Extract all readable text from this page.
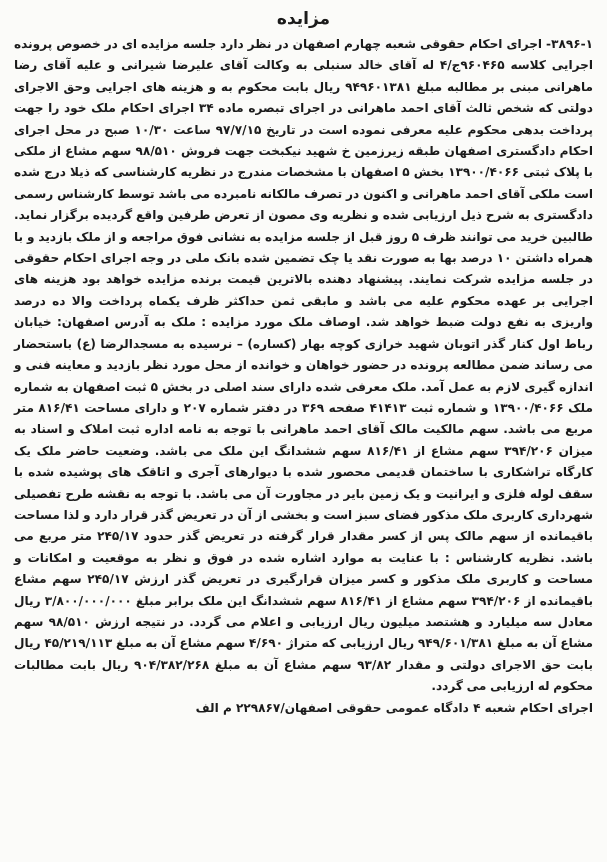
مزایده

۳۸۹۶-۱- اجرای احکام حقوقی شعبه چهارم اصفهان در نظر دارد جلسه مزایده ای در خصوص پرونده اجرایی کلاسه ۹۶۰۴۶۵ج/۴ له آقای خالد سنبلی به وکالت آقای علیرضا شیرانی و علیه آقای رضا ماهرانی مبنی بر مطالبه مبلغ ۹۴۹۶۰۱۳۸۱ ریال بابت محکوم به و هزینه های اجرایی وحق الاجرای دولتی که شخص ثالث آقای احمد ماهرانی در اجرای تبصره ماده ۳۴ اجرای احکام ملک خود را جهت پرداخت بدهی محکوم علیه معرفی نموده است در تاریخ ۹۷/۷/۱۵ ساعت ۱۰/۳۰ صبح در محل اجرای احکام دادگستری اصفهان طبقه زیرزمین خ شهید نیکبخت جهت فروش ۹۸/۵۱۰ سهم مشاع از ملکی با پلاک ثبتی ۱۳۹۰۰/۴۰۶۶ بخش ۵ اصفهان با مشخصات مندرج در نظریه کارشناسی که ذیلا درج شده است ملکی آقای احمد ماهرانی و اکنون در تصرف مالکانه نامبرده می باشد توسط کارشناس رسمی دادگستری به شرح ذیل ارزیابی شده و نظریه وی مصون از تعرض طرفین واقع گردیده برگزار نماید. طالبین خرید می توانند ظرف ۵ روز قبل از جلسه مزایده به نشانی فوق مراجعه و از ملک بازدید و با همراه داشتن ۱۰ درصد بها به صورت نقد یا چک تضمین شده بانک ملی در وجه اجرای احکام حقوقی در جلسه مزایده شرکت نمایند. پیشنهاد دهنده بالاترین قیمت برنده مزایده خواهد بود هزینه های اجرایی بر عهده محکوم علیه می باشد و مابقی ثمن حداکثر ظرف یکماه پرداخت والا ده درصد واریزی به نفع دولت ضبط خواهد شد. اوصاف ملک مورد مزایده : ملک به آدرس اصفهان: خیابان رباط اول کنار گذر اتوبان شهید خرازی کوچه بهار (کساره) – نرسیده به مسجدالرضا (ع) باستحضار می رساند ضمن مطالعه پرونده در حضور خواهان و خوانده از محل مورد نظر بازدید و معاینه فنی و اندازه گیری لازم به عمل آمد. ملک معرفی شده دارای سند اصلی در بخش ۵ ثبت اصفهان به شماره ملک ۱۳۹۰۰/۴۰۶۶ و شماره ثبت ۴۱۴۱۳ صفحه ۳۶۹ در دفتر شماره ۲۰۷ و دارای مساحت ۸۱۶/۴۱ متر مربع می باشد. سهم مالکیت مالک آقای احمد ماهرانی با توجه به نامه اداره ثبت املاک و اسناد به میزان ۳۹۴/۲۰۶ سهم مشاع از ۸۱۶/۴۱ سهم ششدانگ این ملک می باشد. وضعیت حاضر ملک یک کارگاه تراشکاری با ساختمان قدیمی محصور شده با دیوارهای آجری و اتاقک های پوشیده شده با سقف لوله فلزی و ایرانیت و یک زمین بایر در مجاورت آن می باشد. با توجه به نقشه طرح تفصیلی شهرداری کاربری ملک مذکور فضای سبز است و بخشی از آن در تعریض گذر قرار دارد و لذا مساحت باقیمانده از سهم مالک پس از کسر مقدار قرار گرفته در تعریض گذر حدود ۲۴۵/۱۷ متر مربع می باشد. نظریه کارشناس : با عنایت به موارد اشاره شده در فوق و نظر به موقعیت و امکانات و مساحت و کاربری ملک مذکور و کسر میزان قرارگیری در تعریض گذر ارزش ۲۴۵/۱۷ سهم مشاع باقیمانده از ۳۹۴/۲۰۶ سهم مشاع از ۸۱۶/۴۱ سهم ششدانگ این ملک برابر مبلغ ۳/۸۰۰/۰۰۰/۰۰۰ ریال معادل سه میلیارد و هشتصد میلیون ریال ارزیابی و اعلام می گردد. در نتیجه ارزش ۹۸/۵۱۰ سهم مشاع آن به مبلغ ۹۴۹/۶۰۱/۳۸۱ ریال ارزیابی که متراژ ۴/۶۹۰ سهم مشاع آن به مبلغ ۴۵/۲۱۹/۱۱۳ ریال بابت حق الاجرای دولتی و مقدار ۹۳/۸۲ سهم مشاع آن به مبلغ ۹۰۴/۳۸۲/۲۶۸ ریال بابت مطالبات محکوم له ارزیابی می گردد.

اجرای احکام شعبه ۴ دادگاه عمومی حقوقی اصفهان/۲۲۹۸۶۷ م الف
